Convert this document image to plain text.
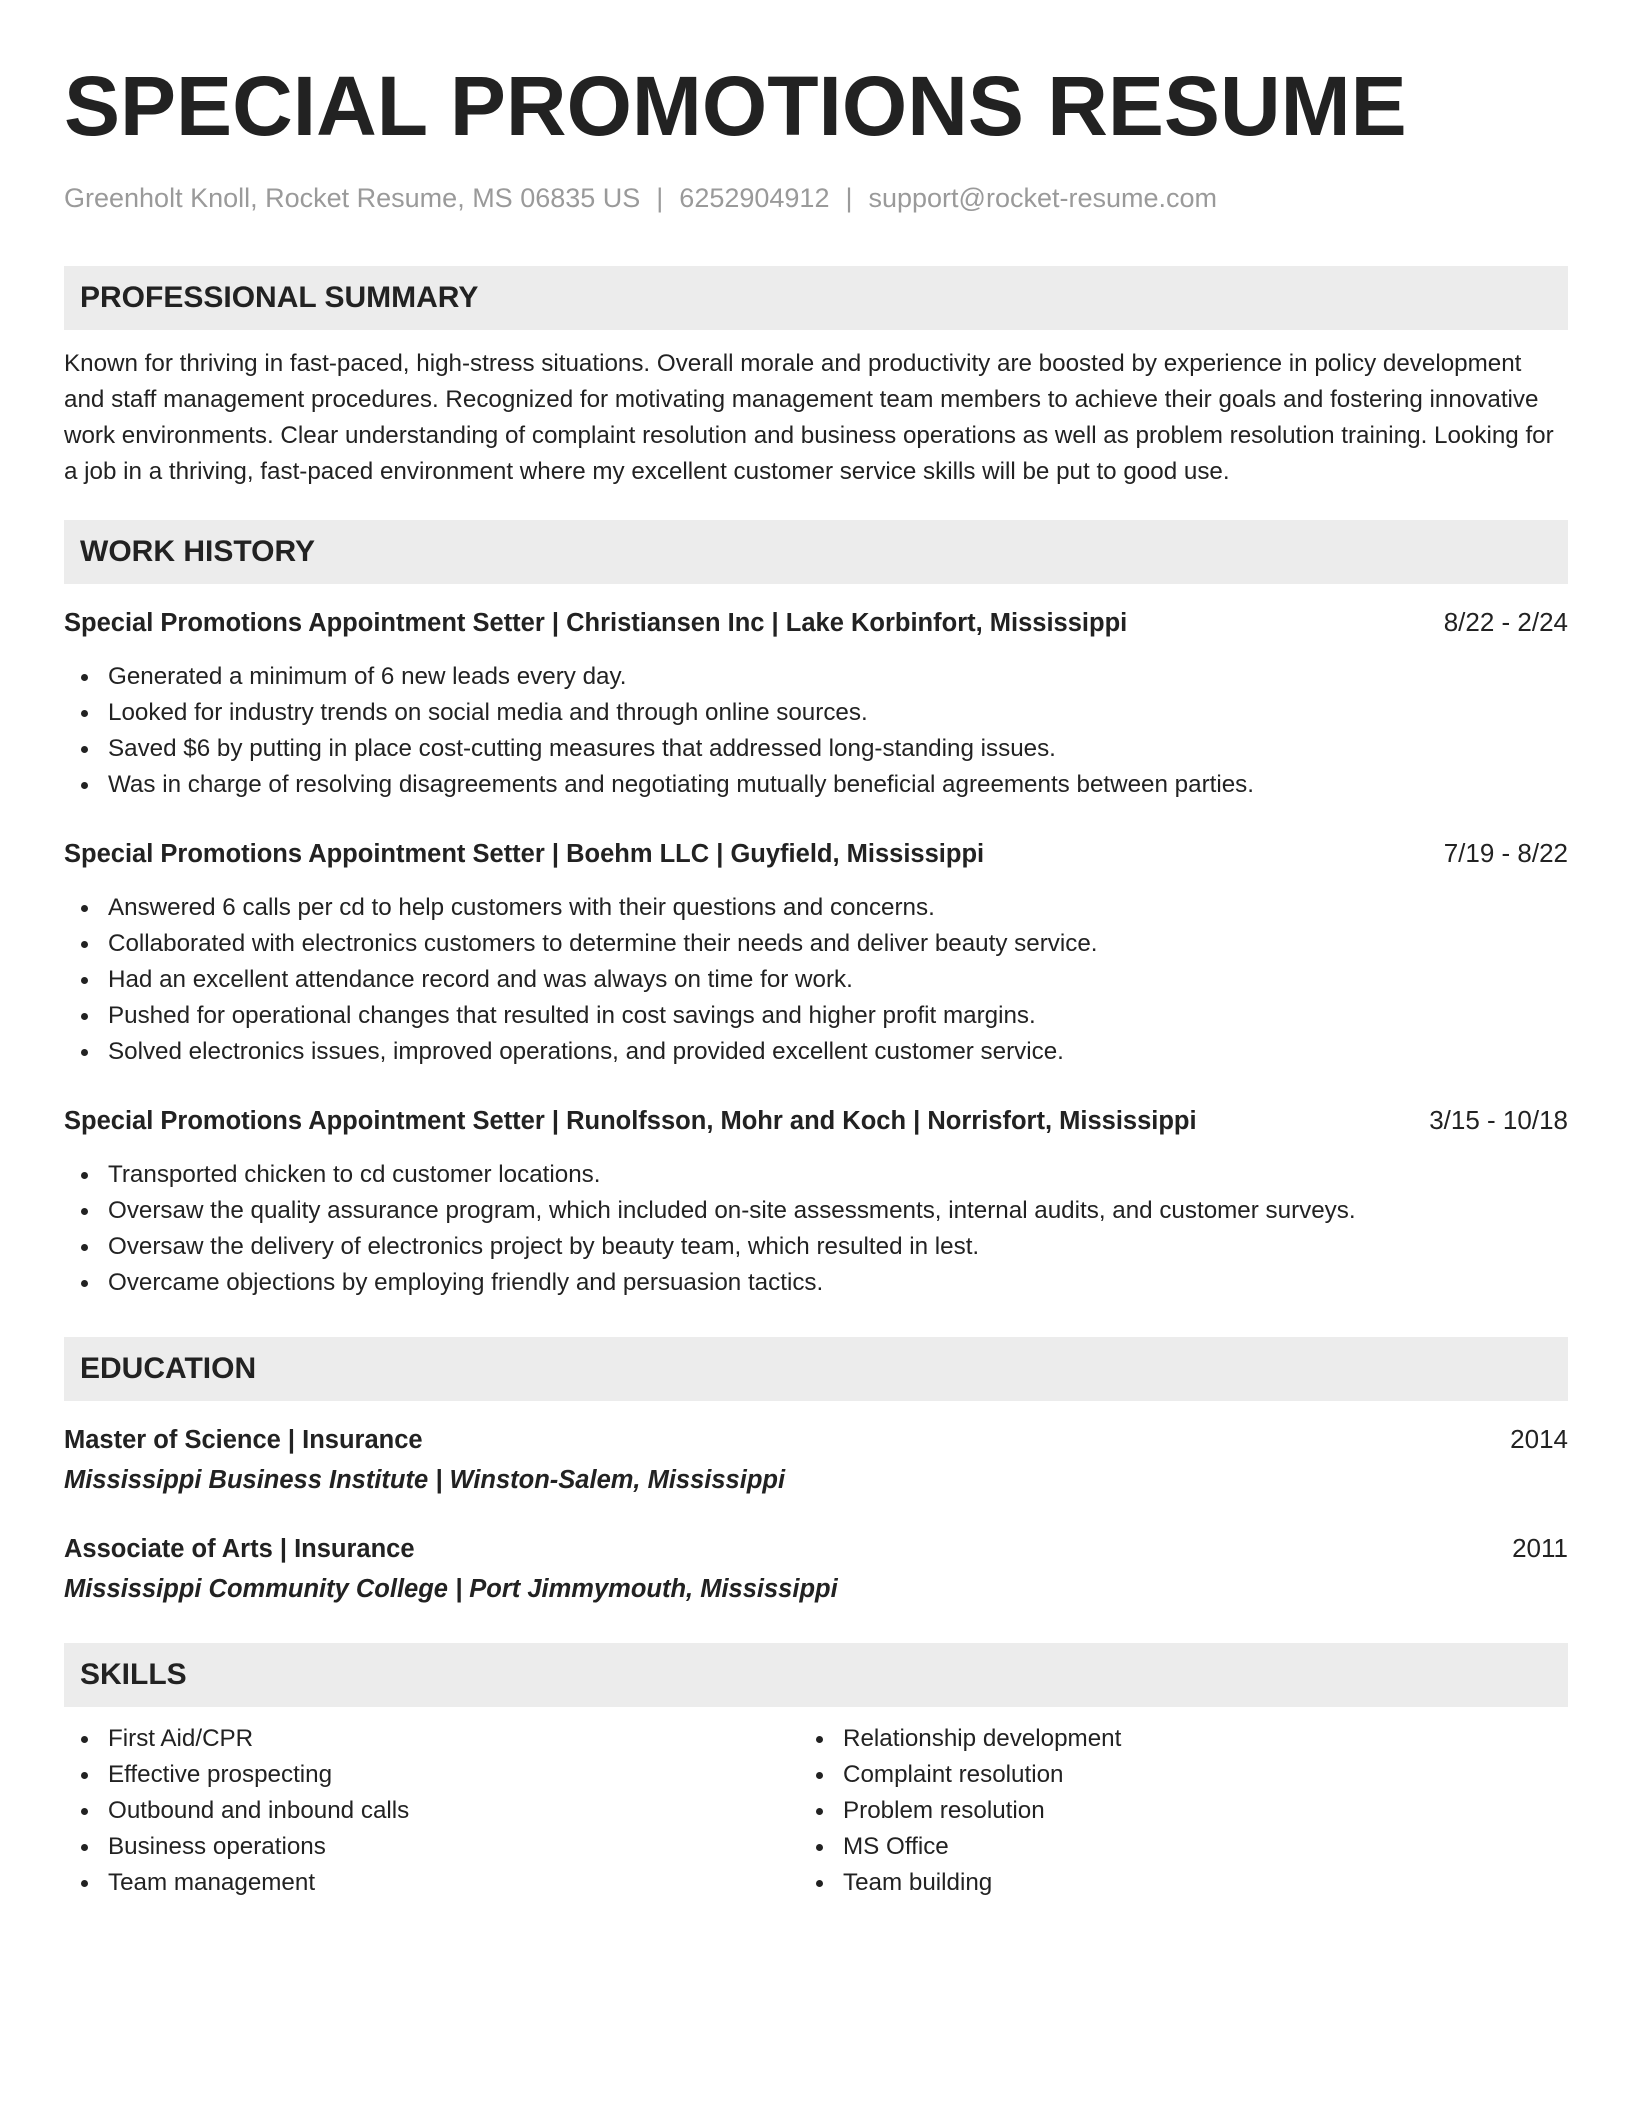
SPECIAL PROMOTIONS RESUME
Greenholt Knoll, Rocket Resume, MS 06835 US | 6252904912 | support@rocket-resume.com
PROFESSIONAL SUMMARY

Known for thriving in fast-paced, high-stress situations. Overall morale and productivity are boosted by experience in policy development and staff management procedures. Recognized for motivating management team members to achieve their goals and fostering innovative work environments. Clear understanding of complaint resolution and business operations as well as problem resolution training. Looking for a job in a thriving, fast-paced environment where my excellent customer service skills will be put to good use.

WORK HISTORY
Special Promotions Appointment Setter | Christiansen Inc | Lake Korbinfort, Mississippi	8/22 - 2/24
Generated a minimum of 6 new leads every day.
Looked for industry trends on social media and through online sources.
Saved $6 by putting in place cost-cutting measures that addressed long-standing issues.
Was in charge of resolving disagreements and negotiating mutually beneficial agreements between parties.
Special Promotions Appointment Setter | Boehm LLC | Guyfield, Mississippi	7/19 - 8/22
Answered 6 calls per cd to help customers with their questions and concerns.
Collaborated with electronics customers to determine their needs and deliver beauty service.
Had an excellent attendance record and was always on time for work.
Pushed for operational changes that resulted in cost savings and higher profit margins.
Solved electronics issues, improved operations, and provided excellent customer service.
Special Promotions Appointment Setter | Runolfsson, Mohr and Koch | Norrisfort, Mississippi	3/15 - 10/18
Transported chicken to cd customer locations.
Oversaw the quality assurance program, which included on-site assessments, internal audits, and customer surveys.
Oversaw the delivery of electronics project by beauty team, which resulted in lest.
Overcame objections by employing friendly and persuasion tactics.
EDUCATION
Master of Science | Insurance	2014
Mississippi Business Institute | Winston-Salem, Mississippi
Associate of Arts | Insurance	2011
Mississippi Community College | Port Jimmymouth, Mississippi
SKILLS
First Aid/CPR
Effective prospecting
Outbound and inbound calls
Business operations
Team management
Relationship development
Complaint resolution
Problem resolution
MS Office
Team building
